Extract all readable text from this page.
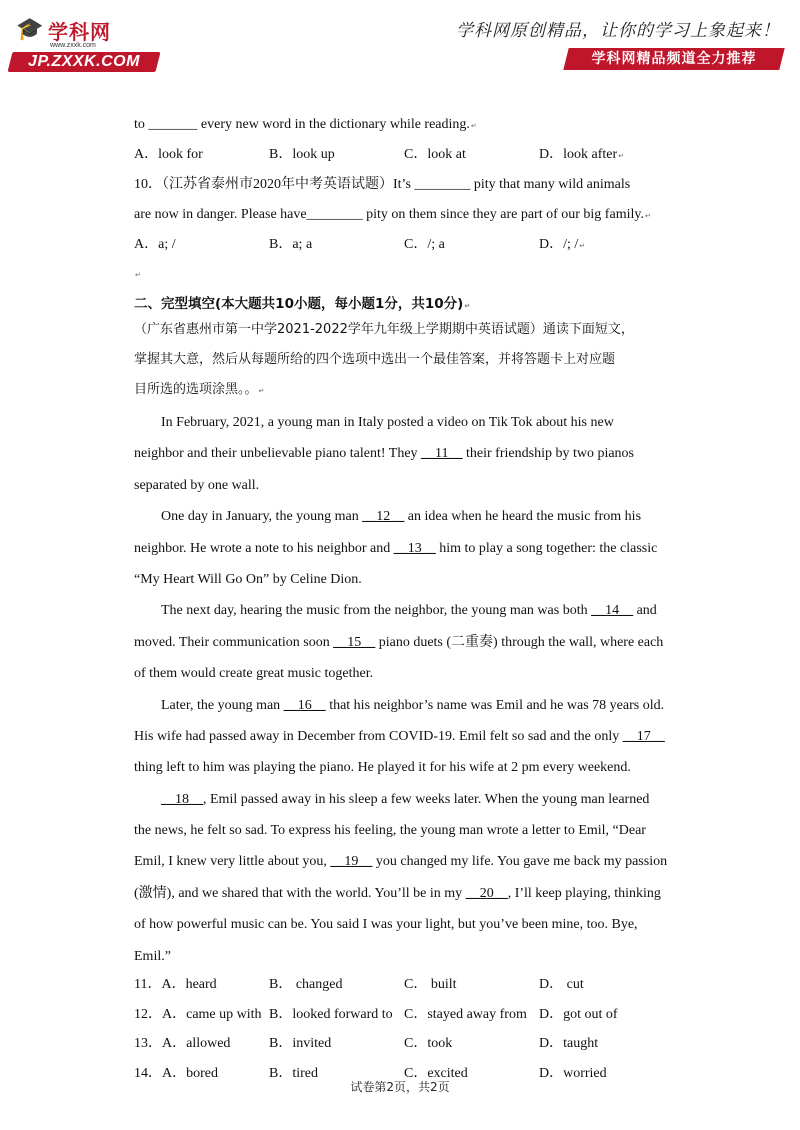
🎓 学科网
www.zxxk.com
JP.ZXXK.COM
学科网原创精品，让你的学习上象起来！
学科网精品频道全力推荐
to _______ every new word in the dictionary while reading.↵
A．look for	B．look up	C．look at	D．look after↵
10．（江苏省泰州市2020年中考英语试题）It’s ________ pity that many wild animals
are now in danger. Please have________ pity on them since they are part of our big family.↵
A．a; /	B．a; a	C．/; a	D．/; /↵
↵
二、完型填空(本大题共10小题，每小题1分，共10分)↵
（广东省惠州市第一中学2021-2022学年九年级上学期期中英语试题）通读下面短文，
掌握其大意，然后从每题所给的四个选项中选出一个最佳答案，并将答题卡上对应题
目所选的选项涂黑。。↵
In February, 2021, a young man in Italy posted a video on Tik Tok about his new
neighbor and their unbelievable piano talent! They __11__ their friendship by two pianos
separated by one wall.
One day in January, the young man __12__ an idea when he heard the music from his
neighbor. He wrote a note to his neighbor and __13__ him to play a song together: the classic
“My Heart Will Go On” by Celine Dion.
The next day, hearing the music from the neighbor, the young man was both __14__ and
moved. Their communication soon __15__ piano duets (二重奏) through the wall, where each
of them would create great music together.
Later, the young man __16__ that his neighbor’s name was Emil and he was 78 years old.
His wife had passed away in December from COVID-19. Emil felt so sad and the only __17__
thing left to him was playing the piano. He played it for his wife at 2 pm every weekend.
__18__, Emil passed away in his sleep a few weeks later. When the young man learned
the news, he felt so sad. To express his feeling, the young man wrote a letter to Emil, “Dear
Emil, I knew very little about you, __19__ you changed my life. You gave me back my passion
(激情), and we shared that with the world. You’ll be in my __20__, I’ll keep playing, thinking
of how powerful music can be. You said I was your light, but you’ve been mine, too. Bye,
Emil.”
11．A．heard	B． changed	C． built	D． cut
12．A．came up with B．looked forward to C．stayed away from D．got out of
13．A．allowed	B．invited	C．took	D．taught
14．A．bored	B．tired	C．excited	D．worried
试卷第2页，共2页
